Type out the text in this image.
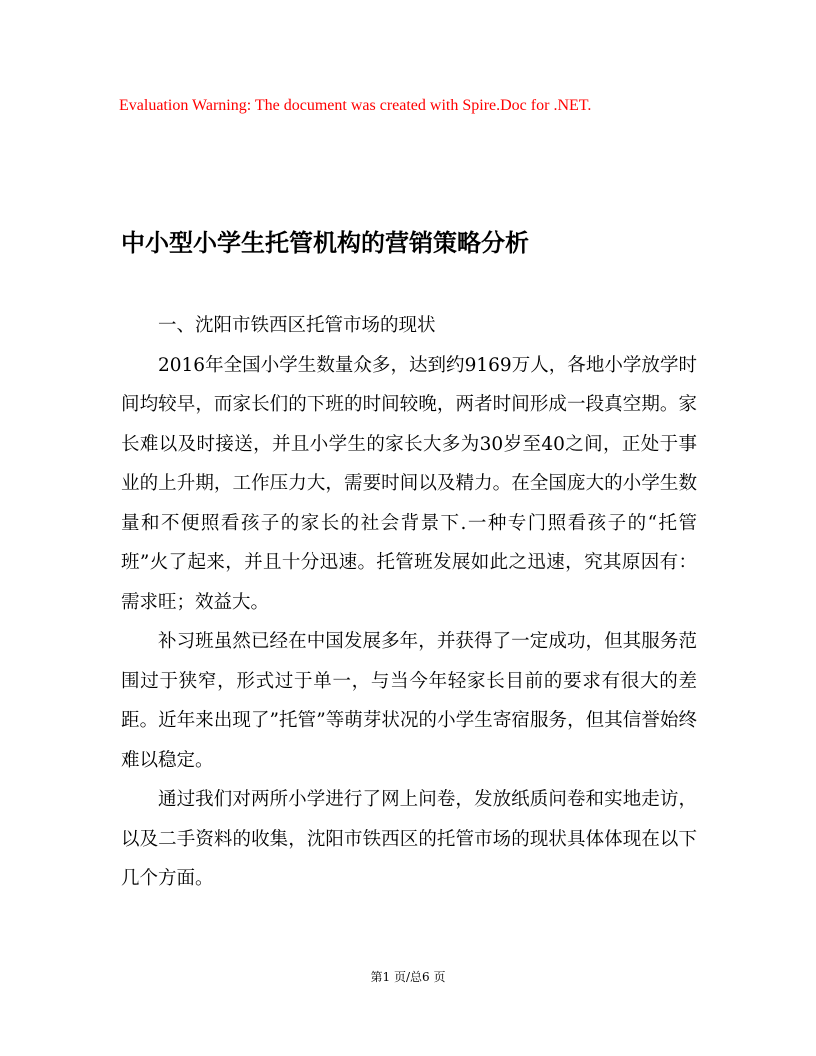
Evaluation Warning: The document was created with Spire.Doc for .NET.
中小型小学生托管机构的营销策略分析

一、沈阳市铁西区托管市场的现状

2016年全国小学生数量众多，达到约9169万人，各地小学放学时间均较早，而家长们的下班的时间较晚，两者时间形成一段真空期。家长难以及时接送，并且小学生的家长大多为30岁至40之间，正处于事业的上升期，工作压力大，需要时间以及精力。在全国庞大的小学生数量和不便照看孩子的家长的社会背景下.一种专门照看孩子的“托管班”火了起来，并且十分迅速。托管班发展如此之迅速，究其原因有：需求旺；效益大。

补习班虽然已经在中国发展多年，并获得了一定成功，但其服务范围过于狭窄，形式过于单一，与当今年轻家长目前的要求有很大的差距。近年来出现了”托管”等萌芽状况的小学生寄宿服务，但其信誉始终难以稳定。

通过我们对两所小学进行了网上问卷，发放纸质问卷和实地走访，以及二手资料的收集，沈阳市铁西区的托管市场的现状具体体现在以下几个方面。

第1 页/总6 页
